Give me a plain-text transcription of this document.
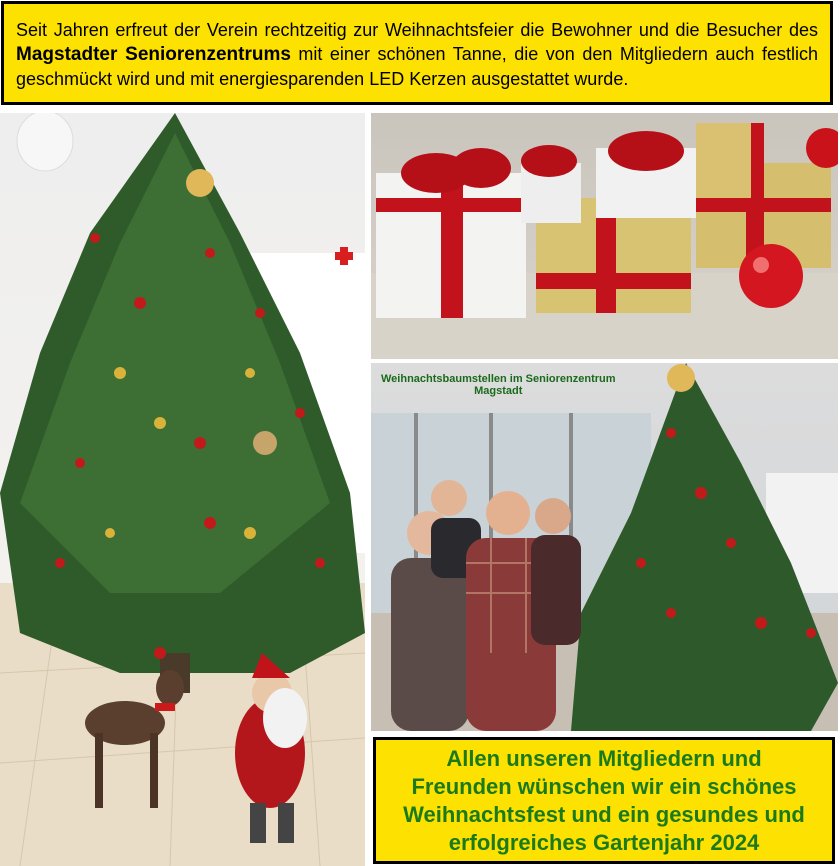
Seit Jahren erfreut der Verein rechtzeitig zur Weihnachtsfeier die Bewohner und die Besucher des Magstadter Seniorenzentrums mit einer schönen Tanne, die von den Mitgliedern auch festlich geschmückt wird und mit energiesparenden LED Kerzen ausgestattet wurde.
Weihnachtsbaumstellen im Seniorenzentrum
Magstadt
Allen unseren Mitgliedern und
Freunden wünschen wir ein schönes
Weihnachtsfest und ein gesundes und
erfolgreiches Gartenjahr 2024
